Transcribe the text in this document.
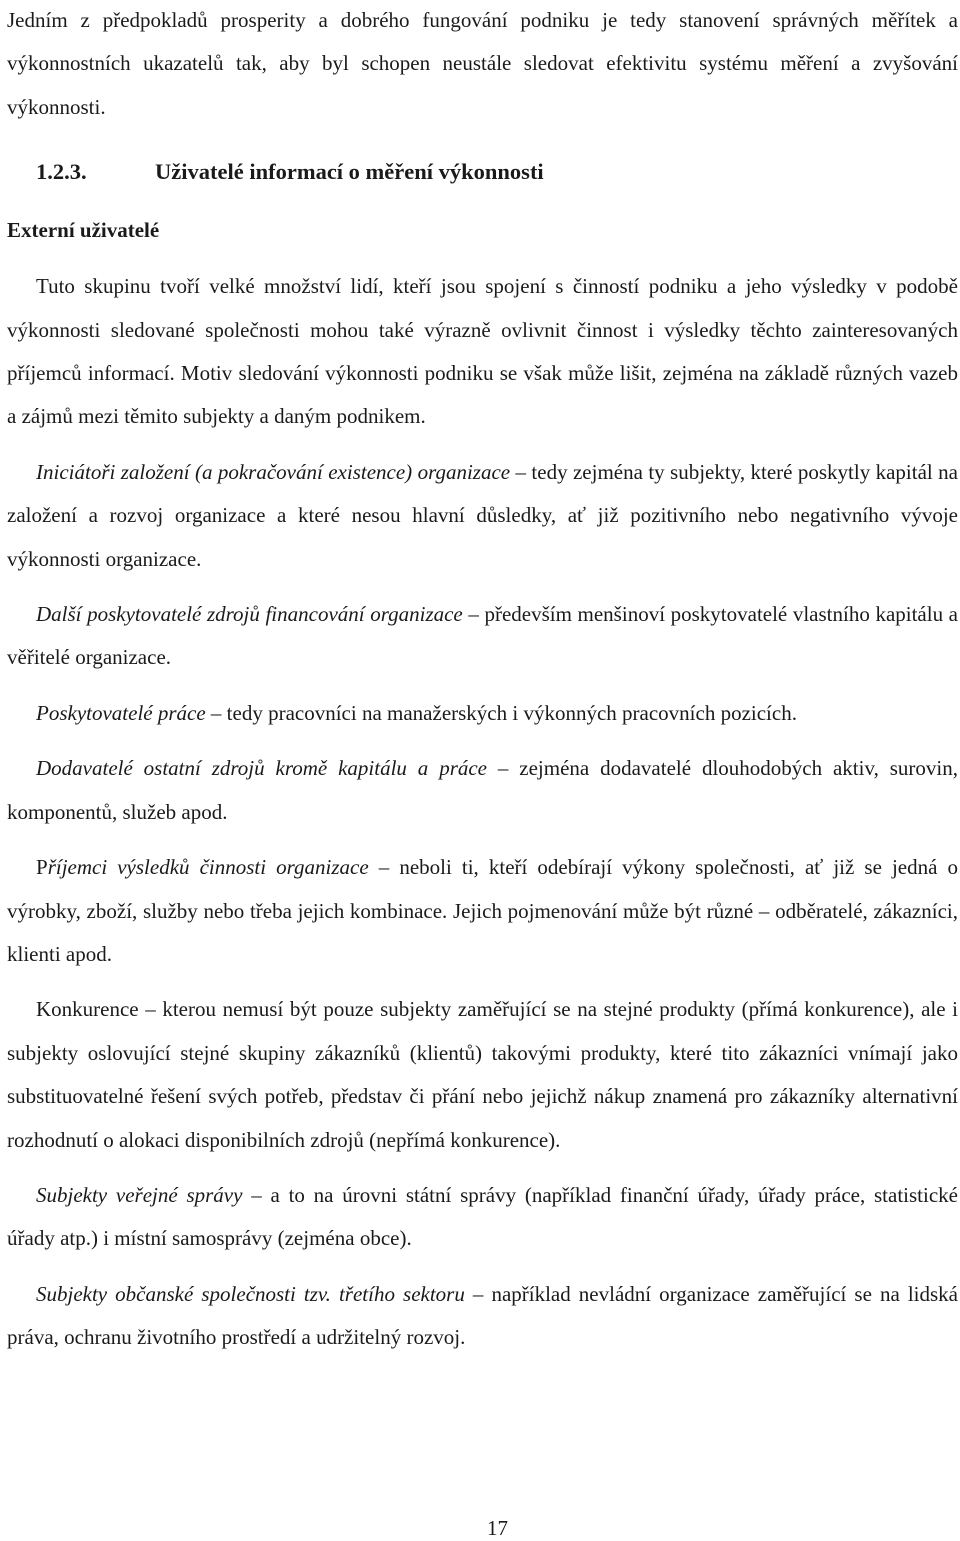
Jedním z předpokladů prosperity a dobrého fungování podniku je tedy stanovení správných měřítek a výkonnostních ukazatelů tak, aby byl schopen neustále sledovat efektivitu systému měření a zvyšování výkonnosti.

1.2.3.	Uživatelé informací o měření výkonnosti
Externí uživatelé

Tuto skupinu tvoří velké množství lidí, kteří jsou spojení s činností podniku a jeho výsledky v podobě výkonnosti sledované společnosti mohou také výrazně ovlivnit činnost i výsledky těchto zainteresovaných příjemců informací. Motiv sledování výkonnosti podniku se však může lišit, zejména na základě různých vazeb a zájmů mezi těmito subjekty a daným podnikem.

Iniciátoři založení (a pokračování existence) organizace – tedy zejména ty subjekty, které poskytly kapitál na založení a rozvoj organizace a které nesou hlavní důsledky, ať již pozitivního nebo negativního vývoje výkonnosti organizace.

Další poskytovatelé zdrojů financování organizace – především menšinoví poskytovatelé vlastního kapitálu a věřitelé organizace.

Poskytovatelé práce – tedy pracovníci na manažerských i výkonných pracovních pozicích.

Dodavatelé ostatní zdrojů kromě kapitálu a práce – zejména dodavatelé dlouhodobých aktiv, surovin, komponentů, služeb apod.

Příjemci výsledků činnosti organizace – neboli ti, kteří odebírají výkony společnosti, ať již se jedná o výrobky, zboží, služby nebo třeba jejich kombinace. Jejich pojmenování může být různé – odběratelé, zákazníci, klienti apod.

Konkurence – kterou nemusí být pouze subjekty zaměřující se na stejné produkty (přímá konkurence), ale i subjekty oslovující stejné skupiny zákazníků (klientů) takovými produkty, které tito zákazníci vnímají jako substituovatelné řešení svých potřeb, představ či přání nebo jejichž nákup znamená pro zákazníky alternativní rozhodnutí o alokaci disponibilních zdrojů (nepřímá konkurence).

Subjekty veřejné správy – a to na úrovni státní správy (například finanční úřady, úřady práce, statistické úřady atp.) i místní samosprávy (zejména obce).

Subjekty občanské společnosti tzv. třetího sektoru – například nevládní organizace zaměřující se na lidská práva, ochranu životního prostředí a udržitelný rozvoj.

17
